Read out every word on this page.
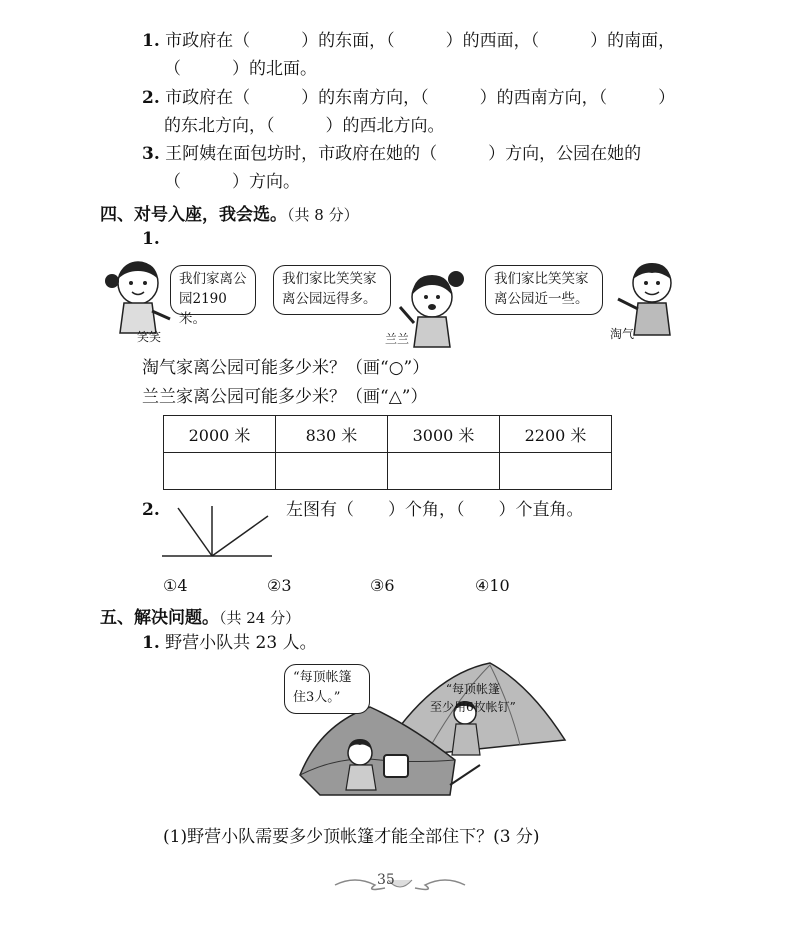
1. 市政府在（　　　）的东面，（　　　）的西面，（　　　）的南面，
（　　　）的北面。
2. 市政府在（　　　）的东南方向，（　　　）的西南方向，（　　　）
的东北方向，（　　　）的西北方向。
3. 王阿姨在面包坊时，市政府在她的（　　　）方向，公园在她的
（　　　）方向。
四、对号入座，我会选。（共 8 分）
1.
我们家离公
园2190米。
我们家比笑笑家
离公园远得多。
我们家比笑笑家
离公园近一些。
笑笑	兰兰	淘气
淘气家离公园可能多少米？（画“○”）
兰兰家离公园可能多少米？（画“△”）
2000 米	830 米	3000 米	2200 米

2.	左图有（　　）个角，（　　）个直角。
①4	②3	③6	④10
五、解决问题。（共 24 分）
1. 野营小队共 23 人。
“每顶帐篷
住3人。”
“每顶帐篷
至少用6枚帐钉”
(1)野营小队需要多少顶帐篷才能全部住下？(3 分)
35
